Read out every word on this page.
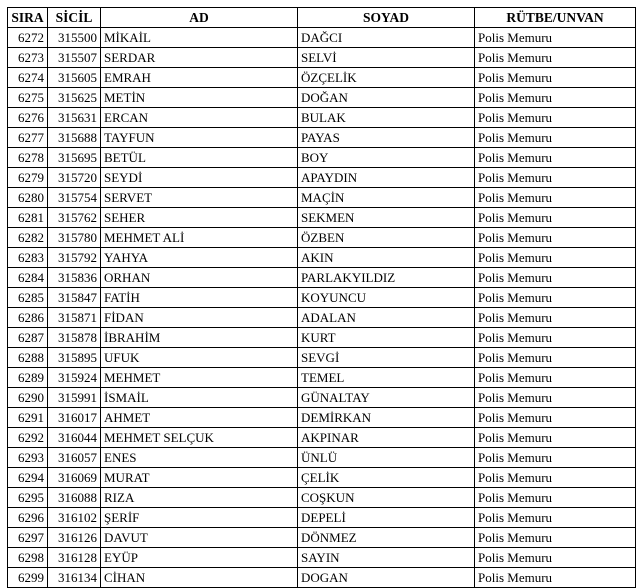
SIRA	SİCİL	AD	SOYAD	RÜTBE/UNVAN
6272	315500	MİKAİL	DAĞCI	Polis Memuru
6273	315507	SERDAR	SELVİ	Polis Memuru
6274	315605	EMRAH	ÖZÇELİK	Polis Memuru
6275	315625	METİN	DOĞAN	Polis Memuru
6276	315631	ERCAN	BULAK	Polis Memuru
6277	315688	TAYFUN	PAYAS	Polis Memuru
6278	315695	BETÜL	BOY	Polis Memuru
6279	315720	SEYDİ	APAYDIN	Polis Memuru
6280	315754	SERVET	MAÇİN	Polis Memuru
6281	315762	SEHER	SEKMEN	Polis Memuru
6282	315780	MEHMET ALİ	ÖZBEN	Polis Memuru
6283	315792	YAHYA	AKIN	Polis Memuru
6284	315836	ORHAN	PARLAKYILDIZ	Polis Memuru
6285	315847	FATİH	KOYUNCU	Polis Memuru
6286	315871	FİDAN	ADALAN	Polis Memuru
6287	315878	İBRAHİM	KURT	Polis Memuru
6288	315895	UFUK	SEVGİ	Polis Memuru
6289	315924	MEHMET	TEMEL	Polis Memuru
6290	315991	İSMAİL	GÜNALTAY	Polis Memuru
6291	316017	AHMET	DEMİRKAN	Polis Memuru
6292	316044	MEHMET SELÇUK	AKPINAR	Polis Memuru
6293	316057	ENES	ÜNLÜ	Polis Memuru
6294	316069	MURAT	ÇELİK	Polis Memuru
6295	316088	RIZA	COŞKUN	Polis Memuru
6296	316102	ŞERİF	DEPELİ	Polis Memuru
6297	316126	DAVUT	DÖNMEZ	Polis Memuru
6298	316128	EYÜP	SAYIN	Polis Memuru
6299	316134	CİHAN	DOGAN	Polis Memuru
